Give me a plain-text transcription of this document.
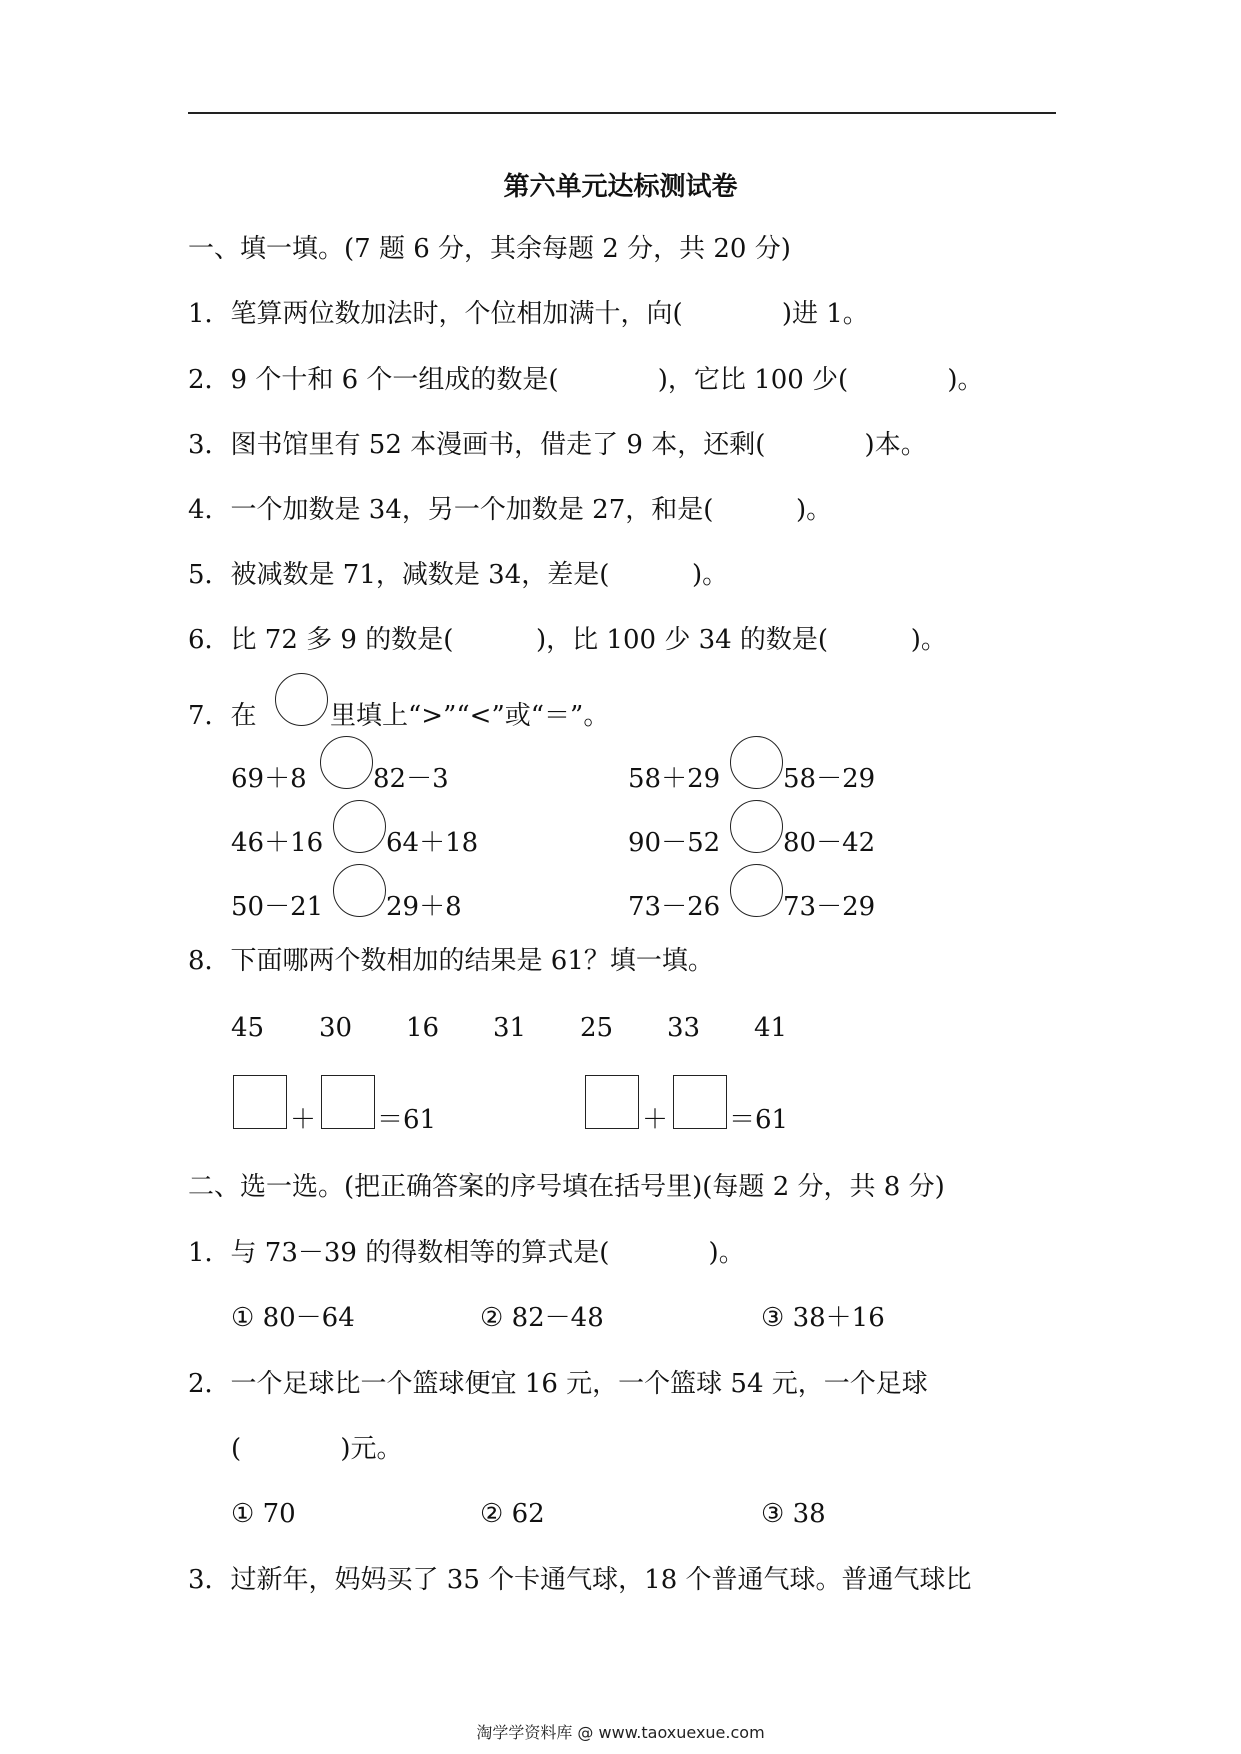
第六单元达标测试卷
一、填一填。(7 题 6 分，其余每题 2 分，共 20 分)
1．笔算两位数加法时，个位相加满十，向(            )进 1。
2．9 个十和 6 个一组成的数是(            )，它比 100 少(            )。
3．图书馆里有 52 本漫画书，借走了 9 本，还剩(            )本。
4．一个加数是 34，另一个加数是 27，和是(          )。
5．被减数是 71，减数是 34，差是(          )。
6．比 72 多 9 的数是(          )，比 100 少 34 的数是(          )。
7．在	里填上“>”“<”或“＝”。
69＋8	82－3	58＋29 58－29
46＋16 64＋18	90－52 80－42
50－21 29＋8	73－26 73－29
8．下面哪两个数相加的结果是 61？填一填。
45 30 16 31 25 33 41
＋ ＝61	＋ ＝61
二、选一选。(把正确答案的序号填在括号里)(每题 2 分，共 8 分)
1．与 73－39 的得数相等的算式是(            )。
① 80－64	② 82－48	③ 38＋16
2．一个足球比一个篮球便宜 16 元，一个篮球 54 元，一个足球
(            )元。
① 70	② 62	③ 38
3．过新年，妈妈买了 35 个卡通气球，18 个普通气球。普通气球比
淘学学资料库 @ www.taoxuexue.com
